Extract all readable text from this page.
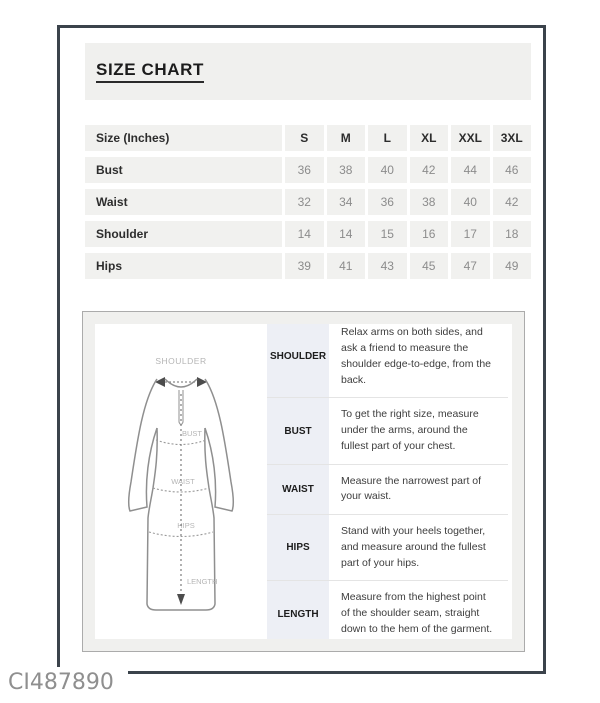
SIZE CHART
Size (Inches)	S	M	L	XL	XXL	3XL
Bust	36	38	40	42	44	46
Waist	32	34	36	38	40	42
Shoulder	14	14	15	16	17	18
Hips	39	41	43	45	47	49
SHOULDER
BUST
WAIST
HIPS
LENGTH
SHOULDER
Relax arms on both sides, and ask a friend to measure the shoulder edge-to-edge, from the back.
BUST
To get the right size, measure under the arms, around the fullest part of your chest.
WAIST
Measure the narrowest part of your waist.
HIPS
Stand with your heels together, and measure around the fullest part of your hips.
LENGTH
Measure from the highest point of the shoulder seam, straight down to the hem of the garment.
CI487890
